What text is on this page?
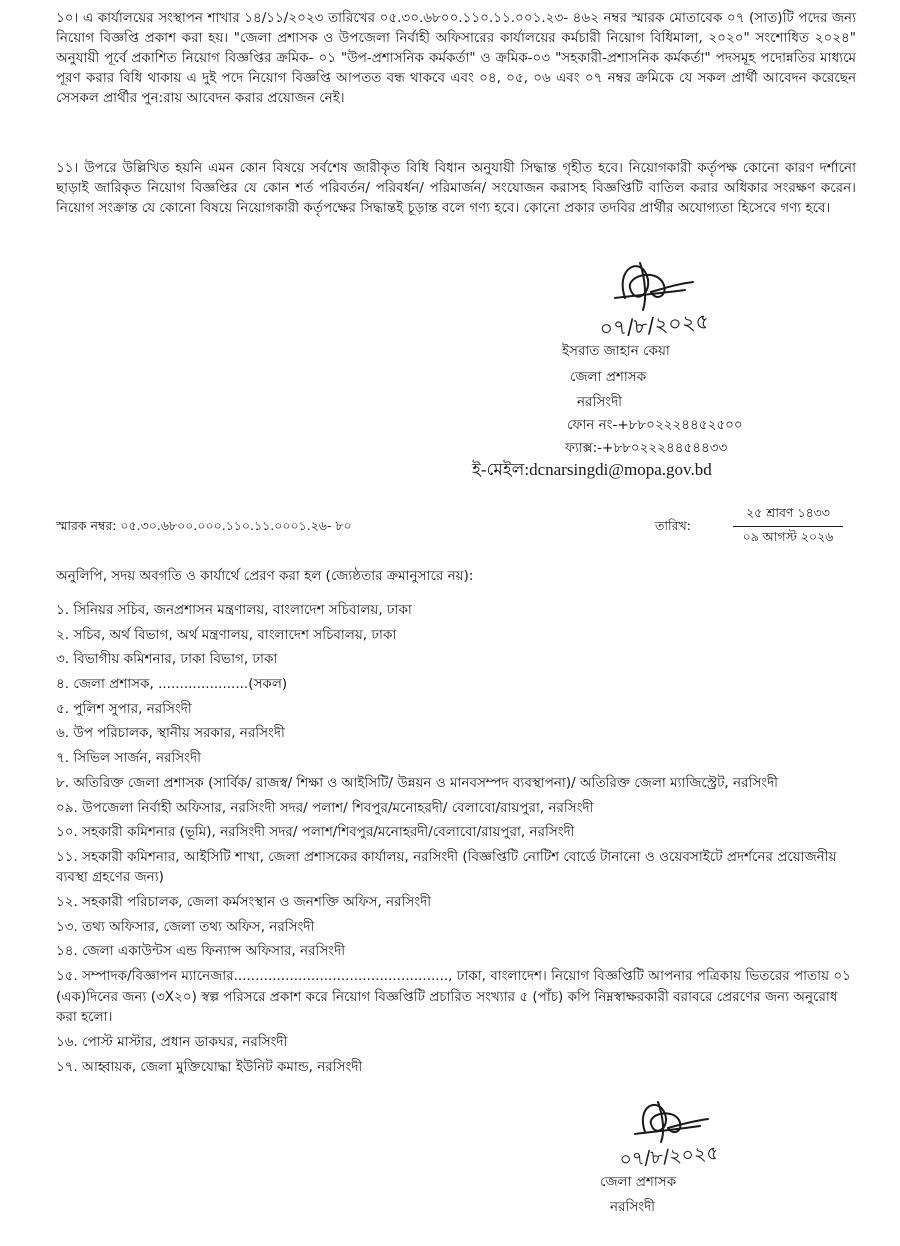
১০। এ কার্যালয়ের সংস্থাপন শাখার ১৪/১১/২০২৩ তারিখের ০৫.৩০.৬৮০০.১১০.১১.০০১.২৩- ৪৬২ নম্বর স্মারক মোতাবেক ০৭ (সাত)টি পদের জন্য নিয়োগ বিজ্ঞপ্তি প্রকাশ করা হয়। "জেলা প্রশাসক ও উপজেলা নির্বাহী অফিসারের কার্যালয়ের কর্মচারী নিয়োগ বিধিমালা, ২০২০" সংশোধিত ২০২৪" অনুযায়ী পূর্বে প্রকাশিত নিয়োগ বিজ্ঞপ্তির ক্রমিক- ০১ "উপ-প্রশাসনিক কর্মকর্তা" ও ক্রমিক-০৩ "সহকারী-প্রশাসনিক কর্মকর্তা" পদসমূহ পদোন্নতির মাধ্যমে পূরণ করার বিধি থাকায় এ দুই পদে নিয়োগ বিজ্ঞপ্তি আপতত বন্ধ থাকবে এবং ০৪, ০৫, ০৬ এবং ০৭ নম্বর ক্রমিকে যে সকল প্রার্থী আবেদন করেছেন সেসকল প্রার্থীর পুন:রায় আবেদন করার প্রয়োজন নেই।

১১। উপরে উল্লিখিত হয়নি এমন কোন বিষয়ে সর্বশেষ জারীকৃত বিধি বিধান অনুযায়ী সিদ্ধান্ত গৃহীত হবে। নিয়োগকারী কর্তৃপক্ষ কোনো কারণ দর্শানো ছাড়াই জারিকৃত নিয়োগ বিজ্ঞপ্তির যে কোন শর্ত পরিবর্তন/ পরিবর্ধন/ পরিমার্জন/ সংযোজন করাসহ বিজ্ঞপ্তিটি বাতিল করার অধিকার সংরক্ষণ করেন। নিয়োগ সংক্রান্ত যে কোনো বিষয়ে নিয়োগকারী কর্তৃপক্ষের সিদ্ধান্তই চূড়ান্ত বলে গণ্য হবে। কোনো প্রকার তদবির প্রার্থীর অযোগ্যতা হিসেবে গণ্য হবে।

০৭/৮/২০২৫

ইসরাত জাহান কেয়া

জেলা প্রশাসক

নরসিংদী

ফোন নং-+৮৮০২২২৪৪৫২৫০০

ফ্যাক্স:-+৮৮০২২২৪৪৫৪৪৩৩

ই-মেইল:dcnarsingdi@mopa.gov.bd

স্মারক নম্বর: ০৫.৩০.৬৮০০.০০০.১১০.১১.০০০১.২৬- ৮০	তারিখ:
২৫ শ্রাবণ ১৪৩৩
০৯ আগস্ট ২০২৬

অনুলিপি, সদয় অবগতি ও কার্যার্থে প্রেরণ করা হল (জ্যেষ্ঠতার ক্রমানুসারে নয়):

১. সিনিয়র সচিব, জনপ্রশাসন মন্ত্রণালয়, বাংলাদেশ সচিবালয়, ঢাকা
২. সচিব, অর্থ বিভাগ, অর্থ মন্ত্রণালয়, বাংলাদেশ সচিবালয়, ঢাকা
৩. বিভাগীয় কমিশনার, ঢাকা বিভাগ, ঢাকা
৪. জেলা প্রশাসক, .....................(সকল)
৫. পুলিশ সুপার, নরসিংদী
৬. উপ পরিচালক, স্থানীয় সরকার, নরসিংদী
৭. সিভিল সার্জন, নরসিংদী
৮. অতিরিক্ত জেলা প্রশাসক (সার্বিক/ রাজস্ব/ শিক্ষা ও আইসিটি/ উন্নয়ন ও মানবসম্পদ ব্যবস্থাপনা)/ অতিরিক্ত জেলা ম্যাজিস্ট্রেট, নরসিংদী
০৯. উপজেলা নির্বাহী অফিসার, নরসিংদী সদর/ পলাশ/ শিবপুর/মনোহরদী/ বেলাবো/রায়পুরা, নরসিংদী
১০. সহকারী কমিশনার (ভূমি), নরসিংদী সদর/ পলাশ/শিবপুর/মনোহরদী/বেলাবো/রায়পুরা, নরসিংদী
১১. সহকারী কমিশনার, আইসিটি শাখা, জেলা প্রশাসকের কার্যালয়, নরসিংদী (বিজ্ঞপ্তিটি নোটিশ বোর্ডে টানানো ও ওয়েবসাইটে প্রদর্শনের প্রয়োজনীয় ব্যবস্থা গ্রহণের জন্য)
১২. সহকারী পরিচালক, জেলা কর্মসংস্থান ও জনশক্তি অফিস, নরসিংদী
১৩. তথ্য অফিসার, জেলা তথ্য অফিস, নরসিংদী
১৪. জেলা একাউন্টস এন্ড ফিন্যান্স অফিসার, নরসিংদী
১৫. সম্পাদক/বিজ্ঞাপন ম্যানেজার.................................................., ঢাকা, বাংলাদেশ। নিয়োগ বিজ্ঞপ্তিটি আপনার পত্রিকায় ভিতরের পাতায় ০১ (এক)দিনের জন্য (৩X২০) স্বল্প পরিসরে প্রকাশ করে নিয়োগ বিজ্ঞপ্তিটি প্রচারিত সংখ্যার ৫ (পাঁচ) কপি নিম্নস্বাক্ষরকারী বরাবরে প্রেরণের জন্য অনুরোধ করা হলো।
১৬. পোস্ট মাস্টার, প্রধান ডাকঘর, নরসিংদী
১৭. আহ্বায়ক, জেলা মুক্তিযোদ্ধা ইউনিট কমান্ড, নরসিংদী
০৭/৮/২০২৫

জেলা প্রশাসক

নরসিংদী
